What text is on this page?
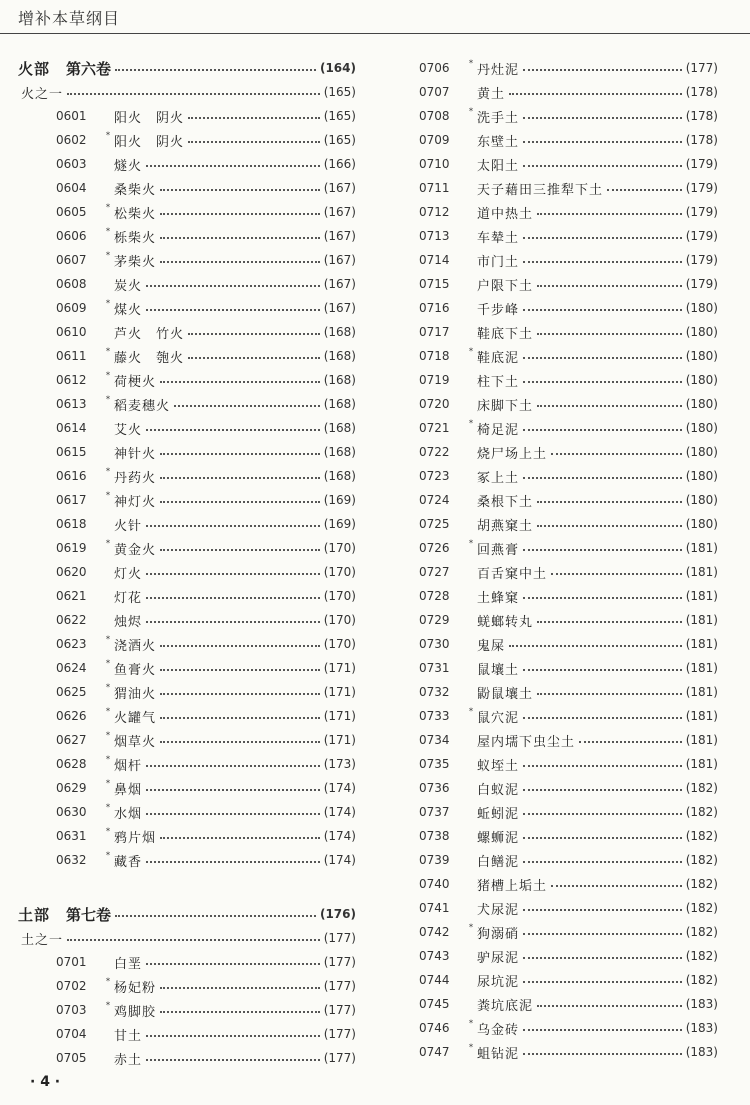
增补本草纲目
火部 第六卷	(164)
火之一	(165)
0601	阳火　阴火	(165)
0602	* 阳火　阴火	(165)
0603	燧火	(166)
0604	桑柴火	(167)
0605	* 松柴火	(167)
0606	* 栎柴火	(167)
0607	* 茅柴火	(167)
0608	炭火	(167)
0609	* 煤火	(167)
0610	芦火　竹火	(168)
0611	* 藤火　匏火	(168)
0612	* 荷梗火	(168)
0613	* 稻麦穗火	(168)
0614	艾火	(168)
0615	神针火	(168)
0616	* 丹药火	(168)
0617	* 神灯火	(169)
0618	火针	(169)
0619	* 黄金火	(170)
0620	灯火	(170)
0621	灯花	(170)
0622	烛烬	(170)
0623	* 浇酒火	(170)
0624	* 鱼膏火	(171)
0625	* 猬油火	(171)
0626	* 火罐气	(171)
0627	* 烟草火	(171)
0628	* 烟杆	(173)
0629	* 鼻烟	(174)
0630	* 水烟	(174)
0631	* 鸦片烟	(174)
0632	* 藏香	(174)
土部 第七卷	(176)
土之一	(177)
0701	白垩	(177)
0702	* 杨妃粉	(177)
0703	* 鸡脚胶	(177)
0704	甘土	(177)
0705	赤土	(177)
0706	* 丹灶泥	(177)
0707	黄土	(178)
0708	* 洗手土	(178)
0709	东壁土	(178)
0710	太阳土	(179)
0711	天子藉田三推犁下土	(179)
0712	道中热土	(179)
0713	车辇土	(179)
0714	市门土	(179)
0715	户限下土	(179)
0716	千步峰	(180)
0717	鞋底下土	(180)
0718	* 鞋底泥	(180)
0719	柱下土	(180)
0720	床脚下土	(180)
0721	* 椅足泥	(180)
0722	烧尸场上土	(180)
0723	冢上土	(180)
0724	桑根下土	(180)
0725	胡燕窠土	(180)
0726	* 回燕膏	(181)
0727	百舌窠中土	(181)
0728	土蜂窠	(181)
0729	蜣螂转丸	(181)
0730	鬼屎	(181)
0731	鼠壤土	(181)
0732	鼢鼠壤土	(181)
0733	* 鼠穴泥	(181)
0734	屋内壖下虫尘土	(181)
0735	蚁垤土	(181)
0736	白蚁泥	(182)
0737	蚯蚓泥	(182)
0738	螺蛳泥	(182)
0739	白鳝泥	(182)
0740	猪槽上垢土	(182)
0741	犬尿泥	(182)
0742	* 狗溺硝	(182)
0743	驴尿泥	(182)
0744	尿坑泥	(182)
0745	粪坑底泥	(183)
0746	* 乌金砖	(183)
0747	* 蛆钻泥	(183)
· 4 ·
